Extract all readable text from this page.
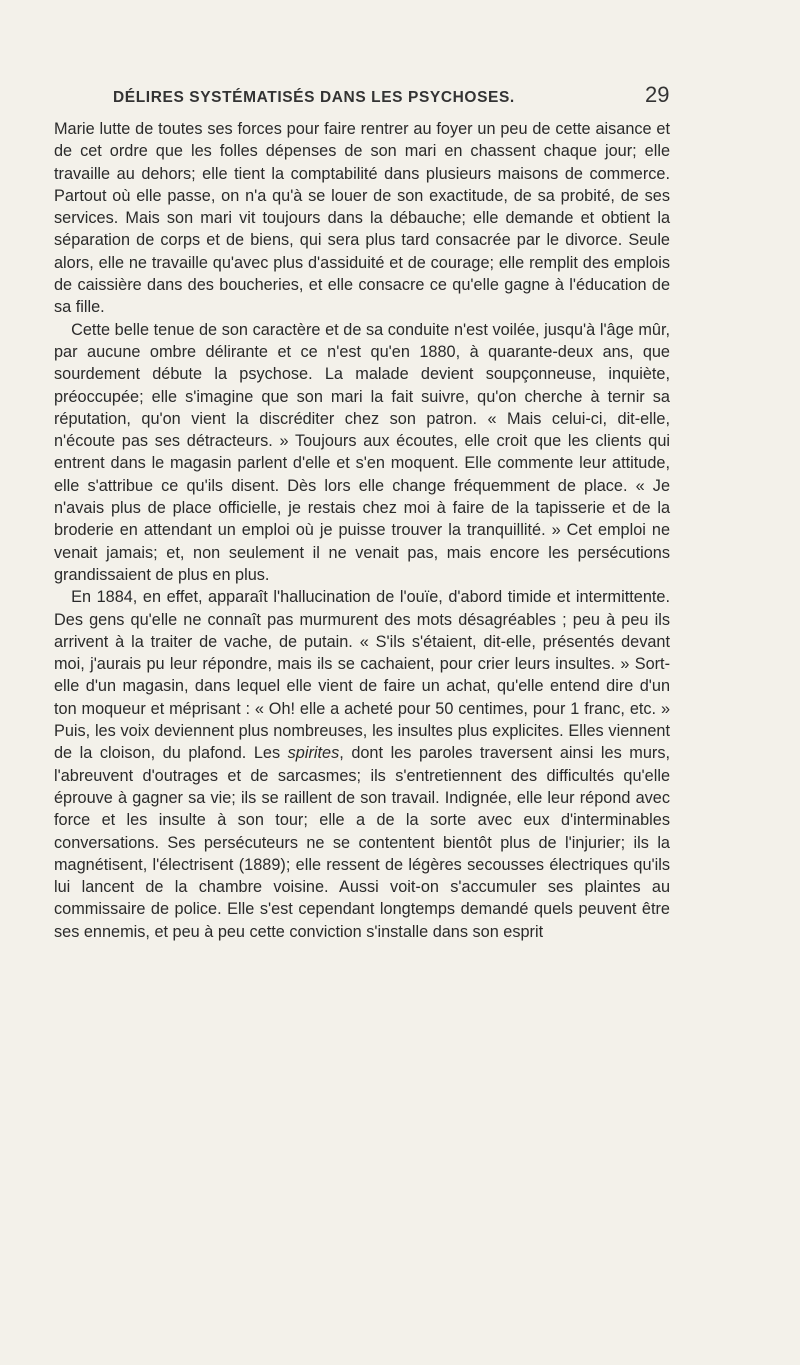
DÉLIRES SYSTÉMATISÉS DANS LES PSYCHOSES.	29

Marie lutte de toutes ses forces pour faire rentrer au foyer un peu de cette aisance et de cet ordre que les folles dépenses de son mari en chassent chaque jour; elle travaille au dehors; elle tient la comptabilité dans plusieurs maisons de commerce. Partout où elle passe, on n'a qu'à se louer de son exactitude, de sa probité, de ses services. Mais son mari vit toujours dans la débauche; elle demande et obtient la séparation de corps et de biens, qui sera plus tard consacrée par le divorce. Seule alors, elle ne travaille qu'avec plus d'assiduité et de courage; elle remplit des emplois de caissière dans des boucheries, et elle consacre ce qu'elle gagne à l'éducation de sa fille.

Cette belle tenue de son caractère et de sa conduite n'est voilée, jusqu'à l'âge mûr, par aucune ombre délirante et ce n'est qu'en 1880, à quarante-deux ans, que sourdement débute la psychose. La malade devient soupçonneuse, inquiète, préoccupée; elle s'imagine que son mari la fait suivre, qu'on cherche à ternir sa réputation, qu'on vient la discréditer chez son patron. « Mais celui-ci, dit-elle, n'écoute pas ses détracteurs. » Toujours aux écoutes, elle croit que les clients qui entrent dans le magasin parlent d'elle et s'en moquent. Elle commente leur attitude, elle s'attribue ce qu'ils disent. Dès lors elle change fréquemment de place. « Je n'avais plus de place officielle, je restais chez moi à faire de la tapisserie et de la broderie en attendant un emploi où je puisse trouver la tranquillité. » Cet emploi ne venait jamais; et, non seulement il ne venait pas, mais encore les persécutions grandissaient de plus en plus.

En 1884, en effet, apparaît l'hallucination de l'ouïe, d'abord timide et intermittente. Des gens qu'elle ne connaît pas murmurent des mots désagréables ; peu à peu ils arrivent à la traiter de vache, de putain. « S'ils s'étaient, dit-elle, présentés devant moi, j'aurais pu leur répondre, mais ils se cachaient, pour crier leurs insultes. » Sort-elle d'un magasin, dans lequel elle vient de faire un achat, qu'elle entend dire d'un ton moqueur et méprisant : « Oh! elle a acheté pour 50 centimes, pour 1 franc, etc. » Puis, les voix deviennent plus nombreuses, les insultes plus explicites. Elles viennent de la cloison, du plafond. Les spirites, dont les paroles traversent ainsi les murs, l'abreuvent d'outrages et de sarcasmes; ils s'entretiennent des difficultés qu'elle éprouve à gagner sa vie; ils se raillent de son travail. Indignée, elle leur répond avec force et les insulte à son tour; elle a de la sorte avec eux d'interminables conversations. Ses persécuteurs ne se contentent bientôt plus de l'injurier; ils la magnétisent, l'électrisent (1889); elle ressent de légères secousses électriques qu'ils lui lancent de la chambre voisine. Aussi voit-on s'accumuler ses plaintes au commissaire de police. Elle s'est cependant longtemps demandé quels peuvent être ses ennemis, et peu à peu cette conviction s'installe dans son esprit
